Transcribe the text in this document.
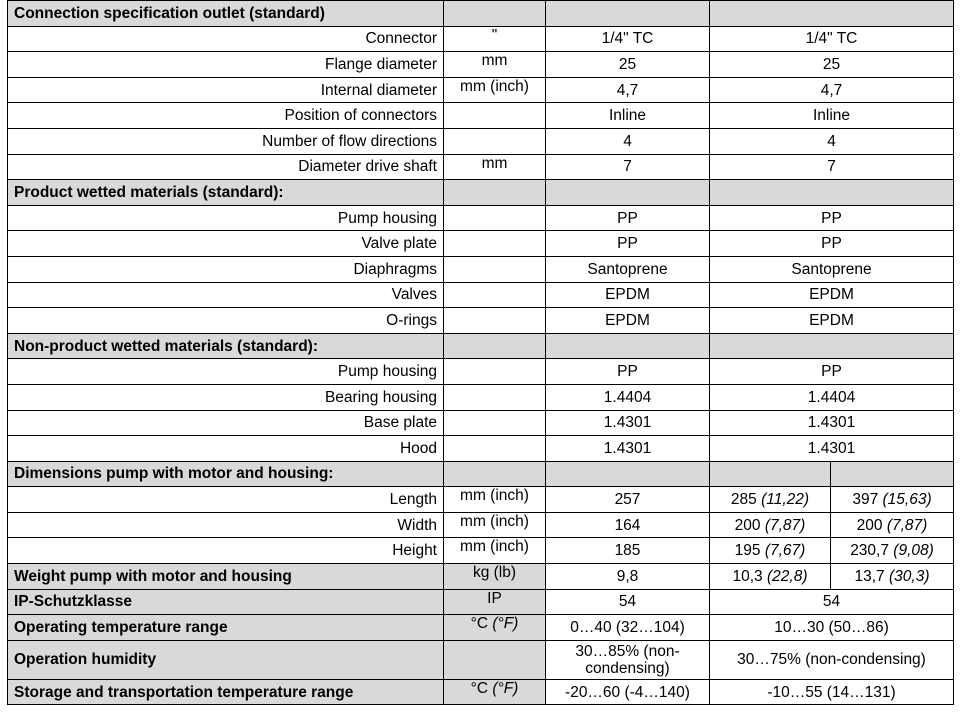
Connection specification outlet (standard)				
Connector	"	1/4" TC	1/4" TC	
Flange diameter	mm	25	25	
Internal diameter	mm (inch)	4,7	4,7	
Position of connectors		Inline	Inline	
Number of flow directions		4	4	
Diameter drive shaft	mm	7	7	
Product wetted materials (standard):				
Pump housing		PP	PP	
Valve plate		PP	PP	
Diaphragms		Santoprene	Santoprene	
Valves		EPDM	EPDM	
O-rings		EPDM	EPDM	
Non-product wetted materials (standard):				
Pump housing		PP	PP	
Bearing housing		1.4404	1.4404	
Base plate		1.4301	1.4301	
Hood		1.4301	1.4301	
Dimensions pump with motor and housing:				
Length	mm (inch)	257	285 (11,22)	397 (15,63)
Width	mm (inch)	164	200 (7,87)	200 (7,87)
Height	mm (inch)	185	195 (7,67)	230,7 (9,08)
Weight pump with motor and housing	kg (lb)	9,8	10,3 (22,8)	13,7 (30,3)
IP-Schutzklasse	IP	54	54	
Operating temperature range	°C (°F)	0…40 (32…104)	10…30 (50…86)	
Operation humidity		30…85% (non-condensing)	30…75% (non-condensing)	
Storage and transportation temperature range	°C (°F)	-20…60 (-4…140)	-10…55 (14…131)	
